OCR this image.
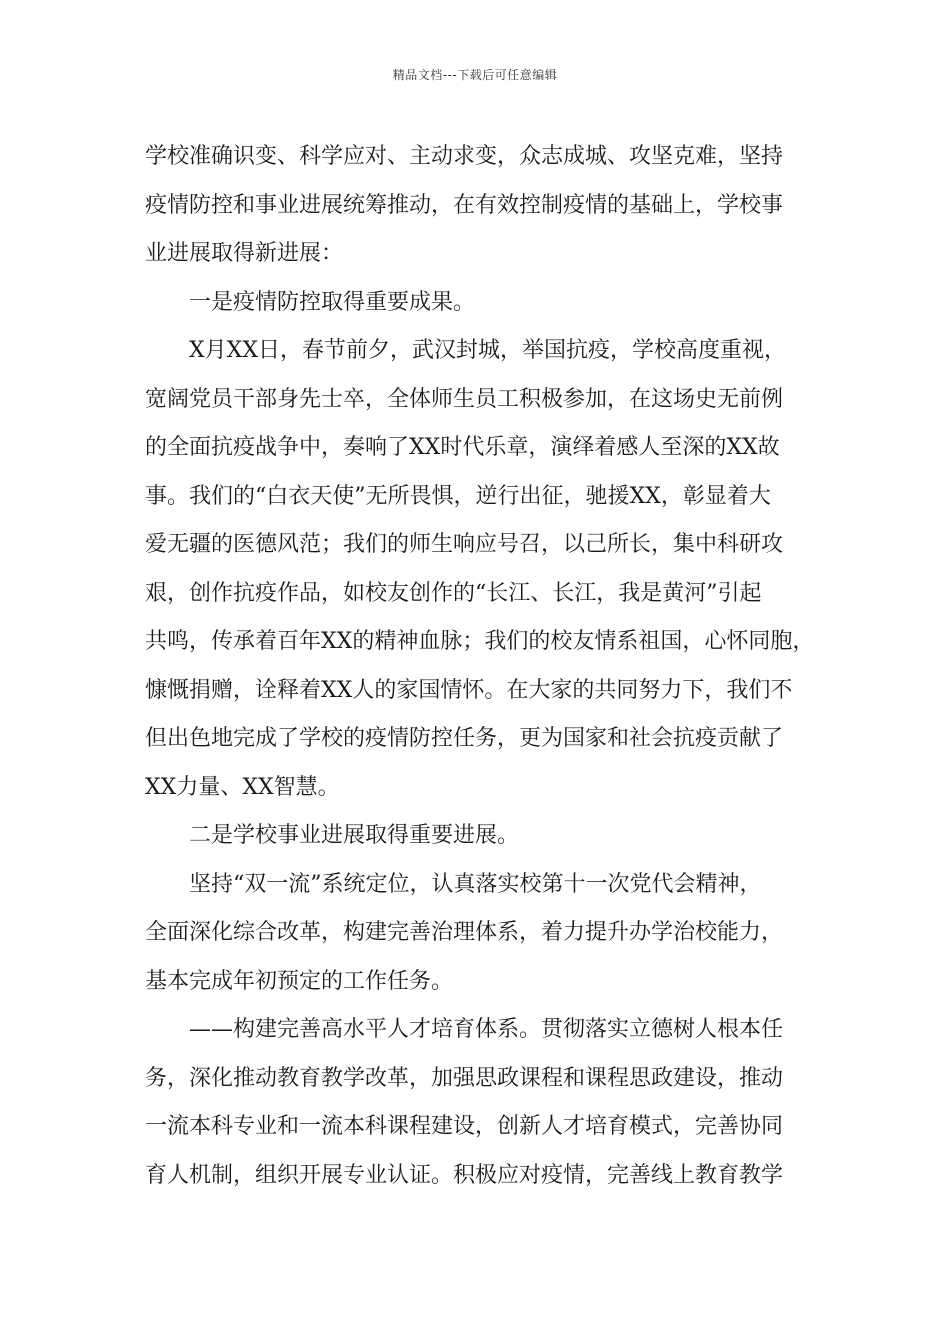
精品文档---下载后可任意编辑
学校准确识变、科学应对、主动求变，众志成城、攻坚克难，坚持
疫情防控和事业进展统筹推动，在有效控制疫情的基础上，学校事
业进展取得新进展：
一是疫情防控取得重要成果。
X月XX日，春节前夕，武汉封城，举国抗疫，学校高度重视，
宽阔党员干部身先士卒，全体师生员工积极参加，在这场史无前例
的全面抗疫战争中，奏响了XX时代乐章，演绎着感人至深的XX故
事。我们的“白衣天使”无所畏惧，逆行出征，驰援XX，彰显着大
爱无疆的医德风范；我们的师生响应号召，以己所长，集中科研攻
艰，创作抗疫作品，如校友创作的“长江、长江，我是黄河”引起
共鸣，传承着百年XX的精神血脉；我们的校友情系祖国，心怀同胞，
慷慨捐赠，诠释着XX人的家国情怀。在大家的共同努力下，我们不
但出色地完成了学校的疫情防控任务，更为国家和社会抗疫贡献了
XX力量、XX智慧。
二是学校事业进展取得重要进展。
坚持“双一流”系统定位，认真落实校第十一次党代会精神，
全面深化综合改革，构建完善治理体系，着力提升办学治校能力，
基本完成年初预定的工作任务。
——构建完善高水平人才培育体系。贯彻落实立德树人根本任
务，深化推动教育教学改革，加强思政课程和课程思政建设，推动
一流本科专业和一流本科课程建设，创新人才培育模式，完善协同
育人机制，组织开展专业认证。积极应对疫情，完善线上教育教学
